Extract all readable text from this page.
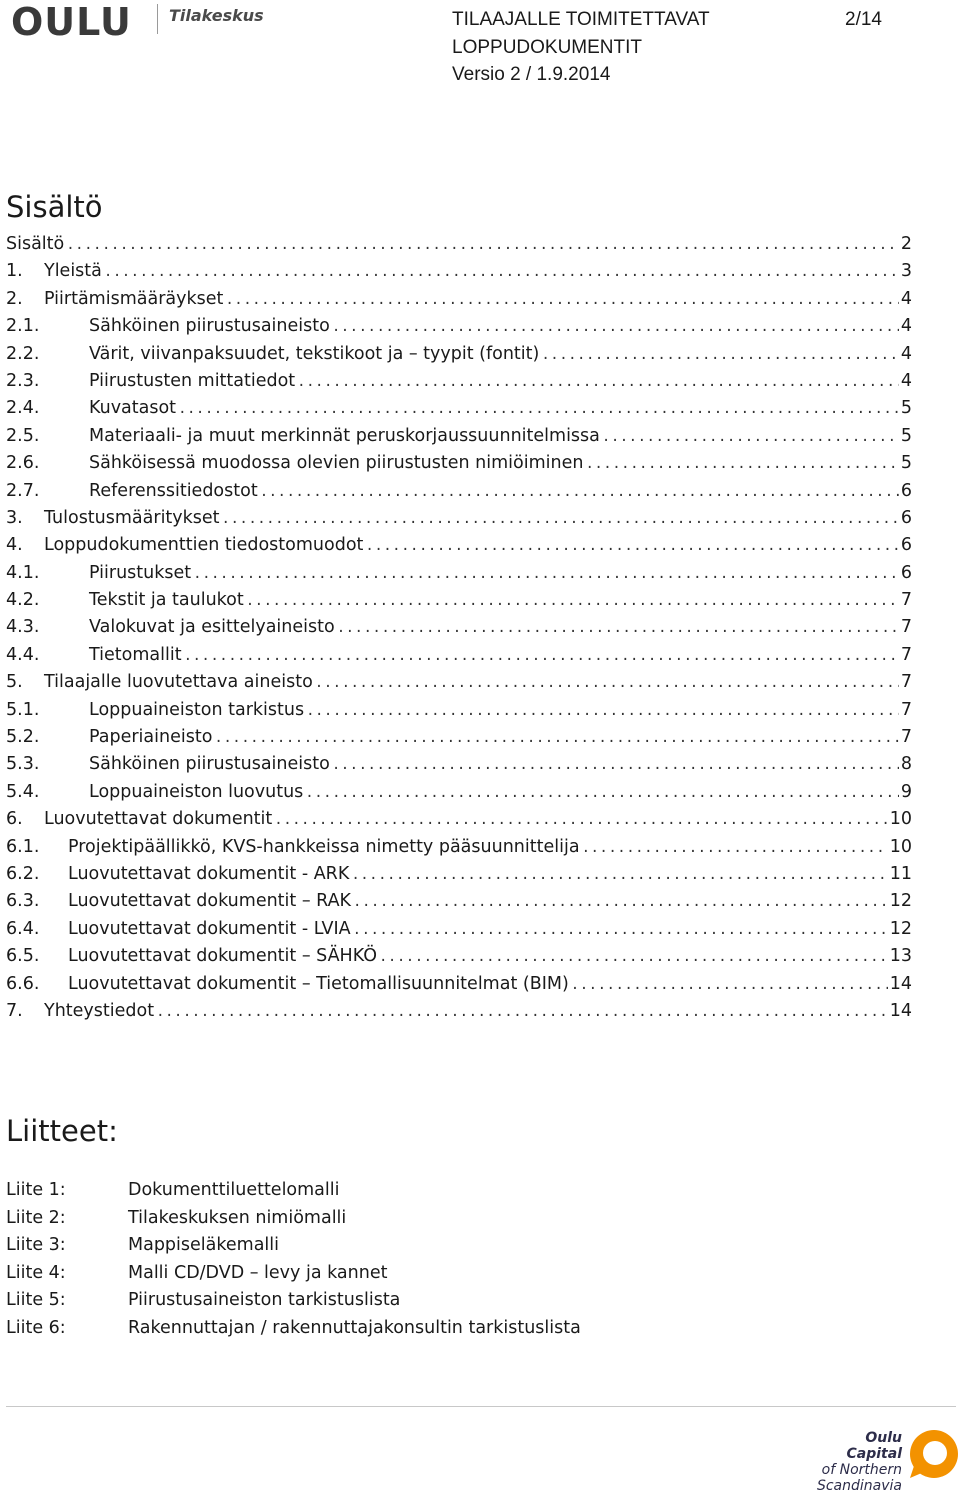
OULU Tilakeskus	TILAAJALLE TOIMITETTAVAT
LOPPUDOKUMENTIT
Versio 2 / 1.9.2014
2/14
Sisältö
Sisältö .....	2
1.	Yleistä .....	3
2.	Piirtämismääräykset .....	4
2.1.	Sähköinen piirustusaineisto .....	4
2.2.	Värit, viivanpaksuudet, tekstikoot ja – tyypit (fontit) .....	4
2.3.	Piirustusten mittatiedot .....	4
2.4.	Kuvatasot .....	5
2.5.	Materiaali- ja muut merkinnät peruskorjaussuunnitelmissa .....	5
2.6.	Sähköisessä muodossa olevien piirustusten nimiöiminen .....	5
2.7.	Referenssitiedostot .....	6
3.	Tulostusmääritykset .....	6
4.	Loppudokumenttien tiedostomuodot .....	6
4.1.	Piirustukset .....	6
4.2.	Tekstit ja taulukot .....	7
4.3.	Valokuvat ja esittelyaineisto .....	7
4.4.	Tietomallit .....	7
5.	Tilaajalle luovutettava aineisto .....	7
5.1.	Loppuaineiston tarkistus .....	7
5.2.	Paperiaineisto .....	7
5.3.	Sähköinen piirustusaineisto .....	8
5.4.	Loppuaineiston luovutus .....	9
6.	Luovutettavat dokumentit .....	10
6.1.	Projektipäällikkö, KVS-hankkeissa nimetty pääsuunnittelija .....	10
6.2.	Luovutettavat dokumentit - ARK .....	11
6.3.	Luovutettavat dokumentit – RAK .....	12
6.4.	Luovutettavat dokumentit - LVIA .....	12
6.5.	Luovutettavat dokumentit – SÄHKÖ .....	13
6.6.	Luovutettavat dokumentit – Tietomallisuunnitelmat (BIM) .....	14
7.	Yhteystiedot .....	14
Liitteet:
Liite 1:	Dokumenttiluettelomalli
Liite 2:	Tilakeskuksen nimiömalli
Liite 3:	Mappiseläkemalli
Liite 4:	Malli CD/DVD – levy ja kannet
Liite 5:	Piirustusaineiston tarkistuslista
Liite 6:	Rakennuttajan / rakennuttajakonsultin tarkistuslista
Oulu Capital
of Northern
Scandinavia
